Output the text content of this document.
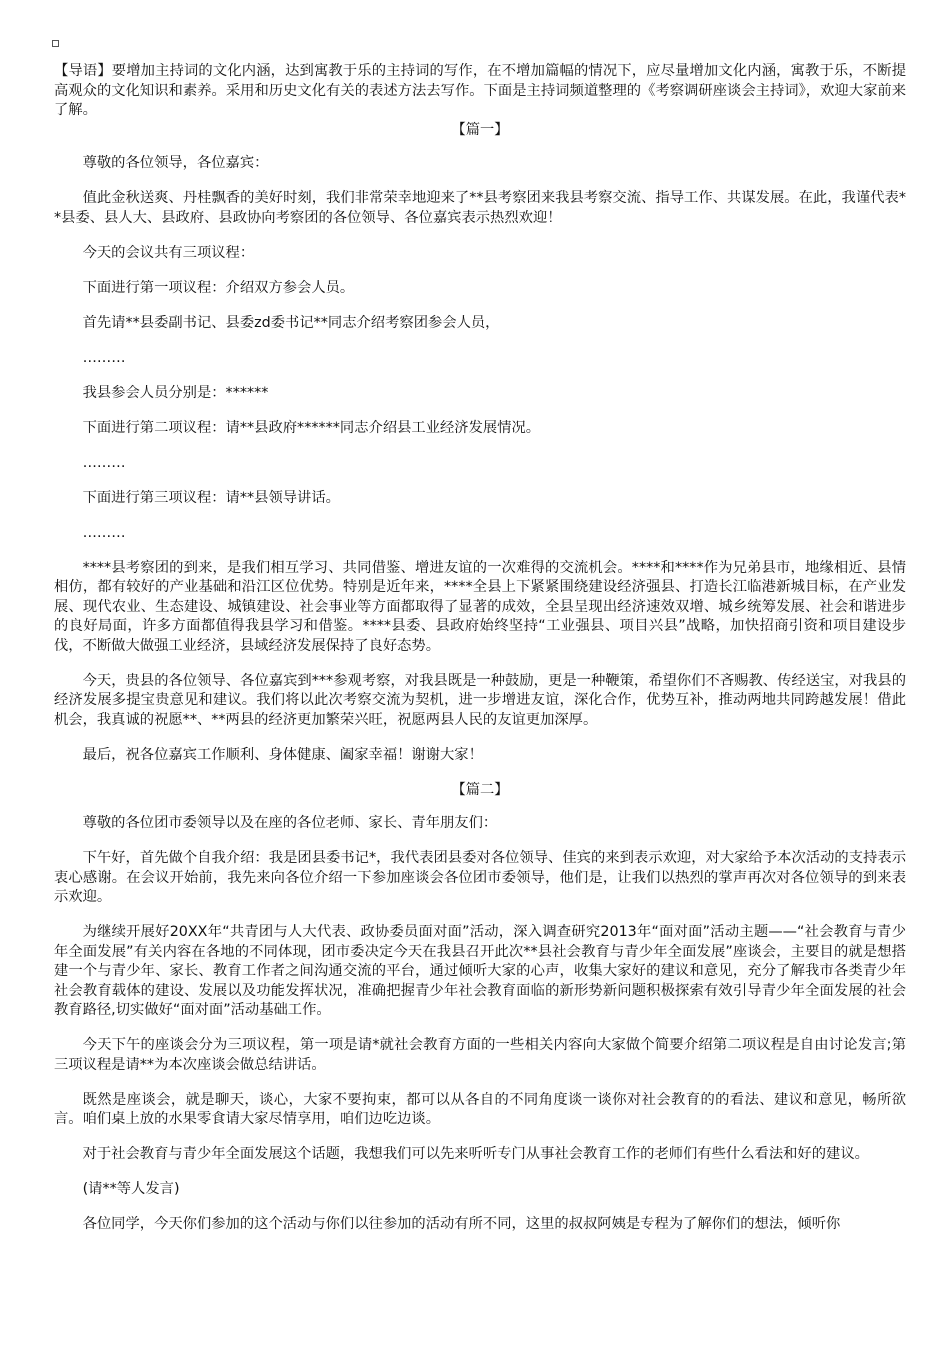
【导语】要增加主持词的文化内涵，达到寓教于乐的主持词的写作，在不增加篇幅的情况下，应尽量增加文化内涵，寓教于乐，不断提高观众的文化知识和素养。采用和历史文化有关的表述方法去写作。下面是主持词频道整理的《考察调研座谈会主持词》，欢迎大家前来了解。

【篇一】

尊敬的各位领导，各位嘉宾：

值此金秋送爽、丹桂飘香的美好时刻，我们非常荣幸地迎来了**县考察团来我县考察交流、指导工作、共谋发展。在此，我谨代表**县委、县人大、县政府、县政协向考察团的各位领导、各位嘉宾表示热烈欢迎！

今天的会议共有三项议程：

下面进行第一项议程：介绍双方参会人员。

首先请**县委副书记、县委zd委书记**同志介绍考察团参会人员，

………

我县参会人员分别是：******

下面进行第二项议程：请**县政府******同志介绍县工业经济发展情况。

………

下面进行第三项议程：请**县领导讲话。

………

****县考察团的到来，是我们相互学习、共同借鉴、增进友谊的一次难得的交流机会。****和****作为兄弟县市，地缘相近、县情相仿，都有较好的产业基础和沿江区位优势。特别是近年来，****全县上下紧紧围绕建设经济强县、打造长江临港新城目标，在产业发展、现代农业、生态建设、城镇建设、社会事业等方面都取得了显著的成效，全县呈现出经济速效双增、城乡统筹发展、社会和谐进步的良好局面，许多方面都值得我县学习和借鉴。****县委、县政府始终坚持“工业强县、项目兴县”战略，加快招商引资和项目建设步伐，不断做大做强工业经济，县域经济发展保持了良好态势。

今天，贵县的各位领导、各位嘉宾到***参观考察，对我县既是一种鼓励，更是一种鞭策，希望你们不吝赐教、传经送宝，对我县的经济发展多提宝贵意见和建议。我们将以此次考察交流为契机，进一步增进友谊，深化合作，优势互补，推动两地共同跨越发展！借此机会，我真诚的祝愿**、**两县的经济更加繁荣兴旺，祝愿两县人民的友谊更加深厚。

最后，祝各位嘉宾工作顺利、身体健康、阖家幸福！谢谢大家！

【篇二】

尊敬的各位团市委领导以及在座的各位老师、家长、青年朋友们：

下午好，首先做个自我介绍：我是团县委书记*，我代表团县委对各位领导、佳宾的来到表示欢迎，对大家给予本次活动的支持表示衷心感谢。在会议开始前，我先来向各位介绍一下参加座谈会各位团市委领导，他们是，让我们以热烈的掌声再次对各位领导的到来表示欢迎。

为继续开展好20XX年“共青团与人大代表、政协委员面对面”活动，深入调查研究2013年“面对面”活动主题——“社会教育与青少年全面发展”有关内容在各地的不同体现，团市委决定今天在我县召开此次**县社会教育与青少年全面发展”座谈会，主要目的就是想搭建一个与青少年、家长、教育工作者之间沟通交流的平台，通过倾听大家的心声，收集大家好的建议和意见，充分了解我市各类青少年社会教育载体的建设、发展以及功能发挥状况，准确把握青少年社会教育面临的新形势新问题积极探索有效引导青少年全面发展的社会教育路径,切实做好“面对面”活动基础工作。

今天下午的座谈会分为三项议程，第一项是请*就社会教育方面的一些相关内容向大家做个简要介绍第二项议程是自由讨论发言;第三项议程是请**为本次座谈会做总结讲话。

既然是座谈会，就是聊天，谈心，大家不要拘束，都可以从各自的不同角度谈一谈你对社会教育的的看法、建议和意见，畅所欲言。咱们桌上放的水果零食请大家尽情享用，咱们边吃边谈。

对于社会教育与青少年全面发展这个话题，我想我们可以先来听听专门从事社会教育工作的老师们有些什么看法和好的建议。

(请**等人发言)

各位同学，今天你们参加的这个活动与你们以往参加的活动有所不同，这里的叔叔阿姨是专程为了解你们的想法，倾听你
